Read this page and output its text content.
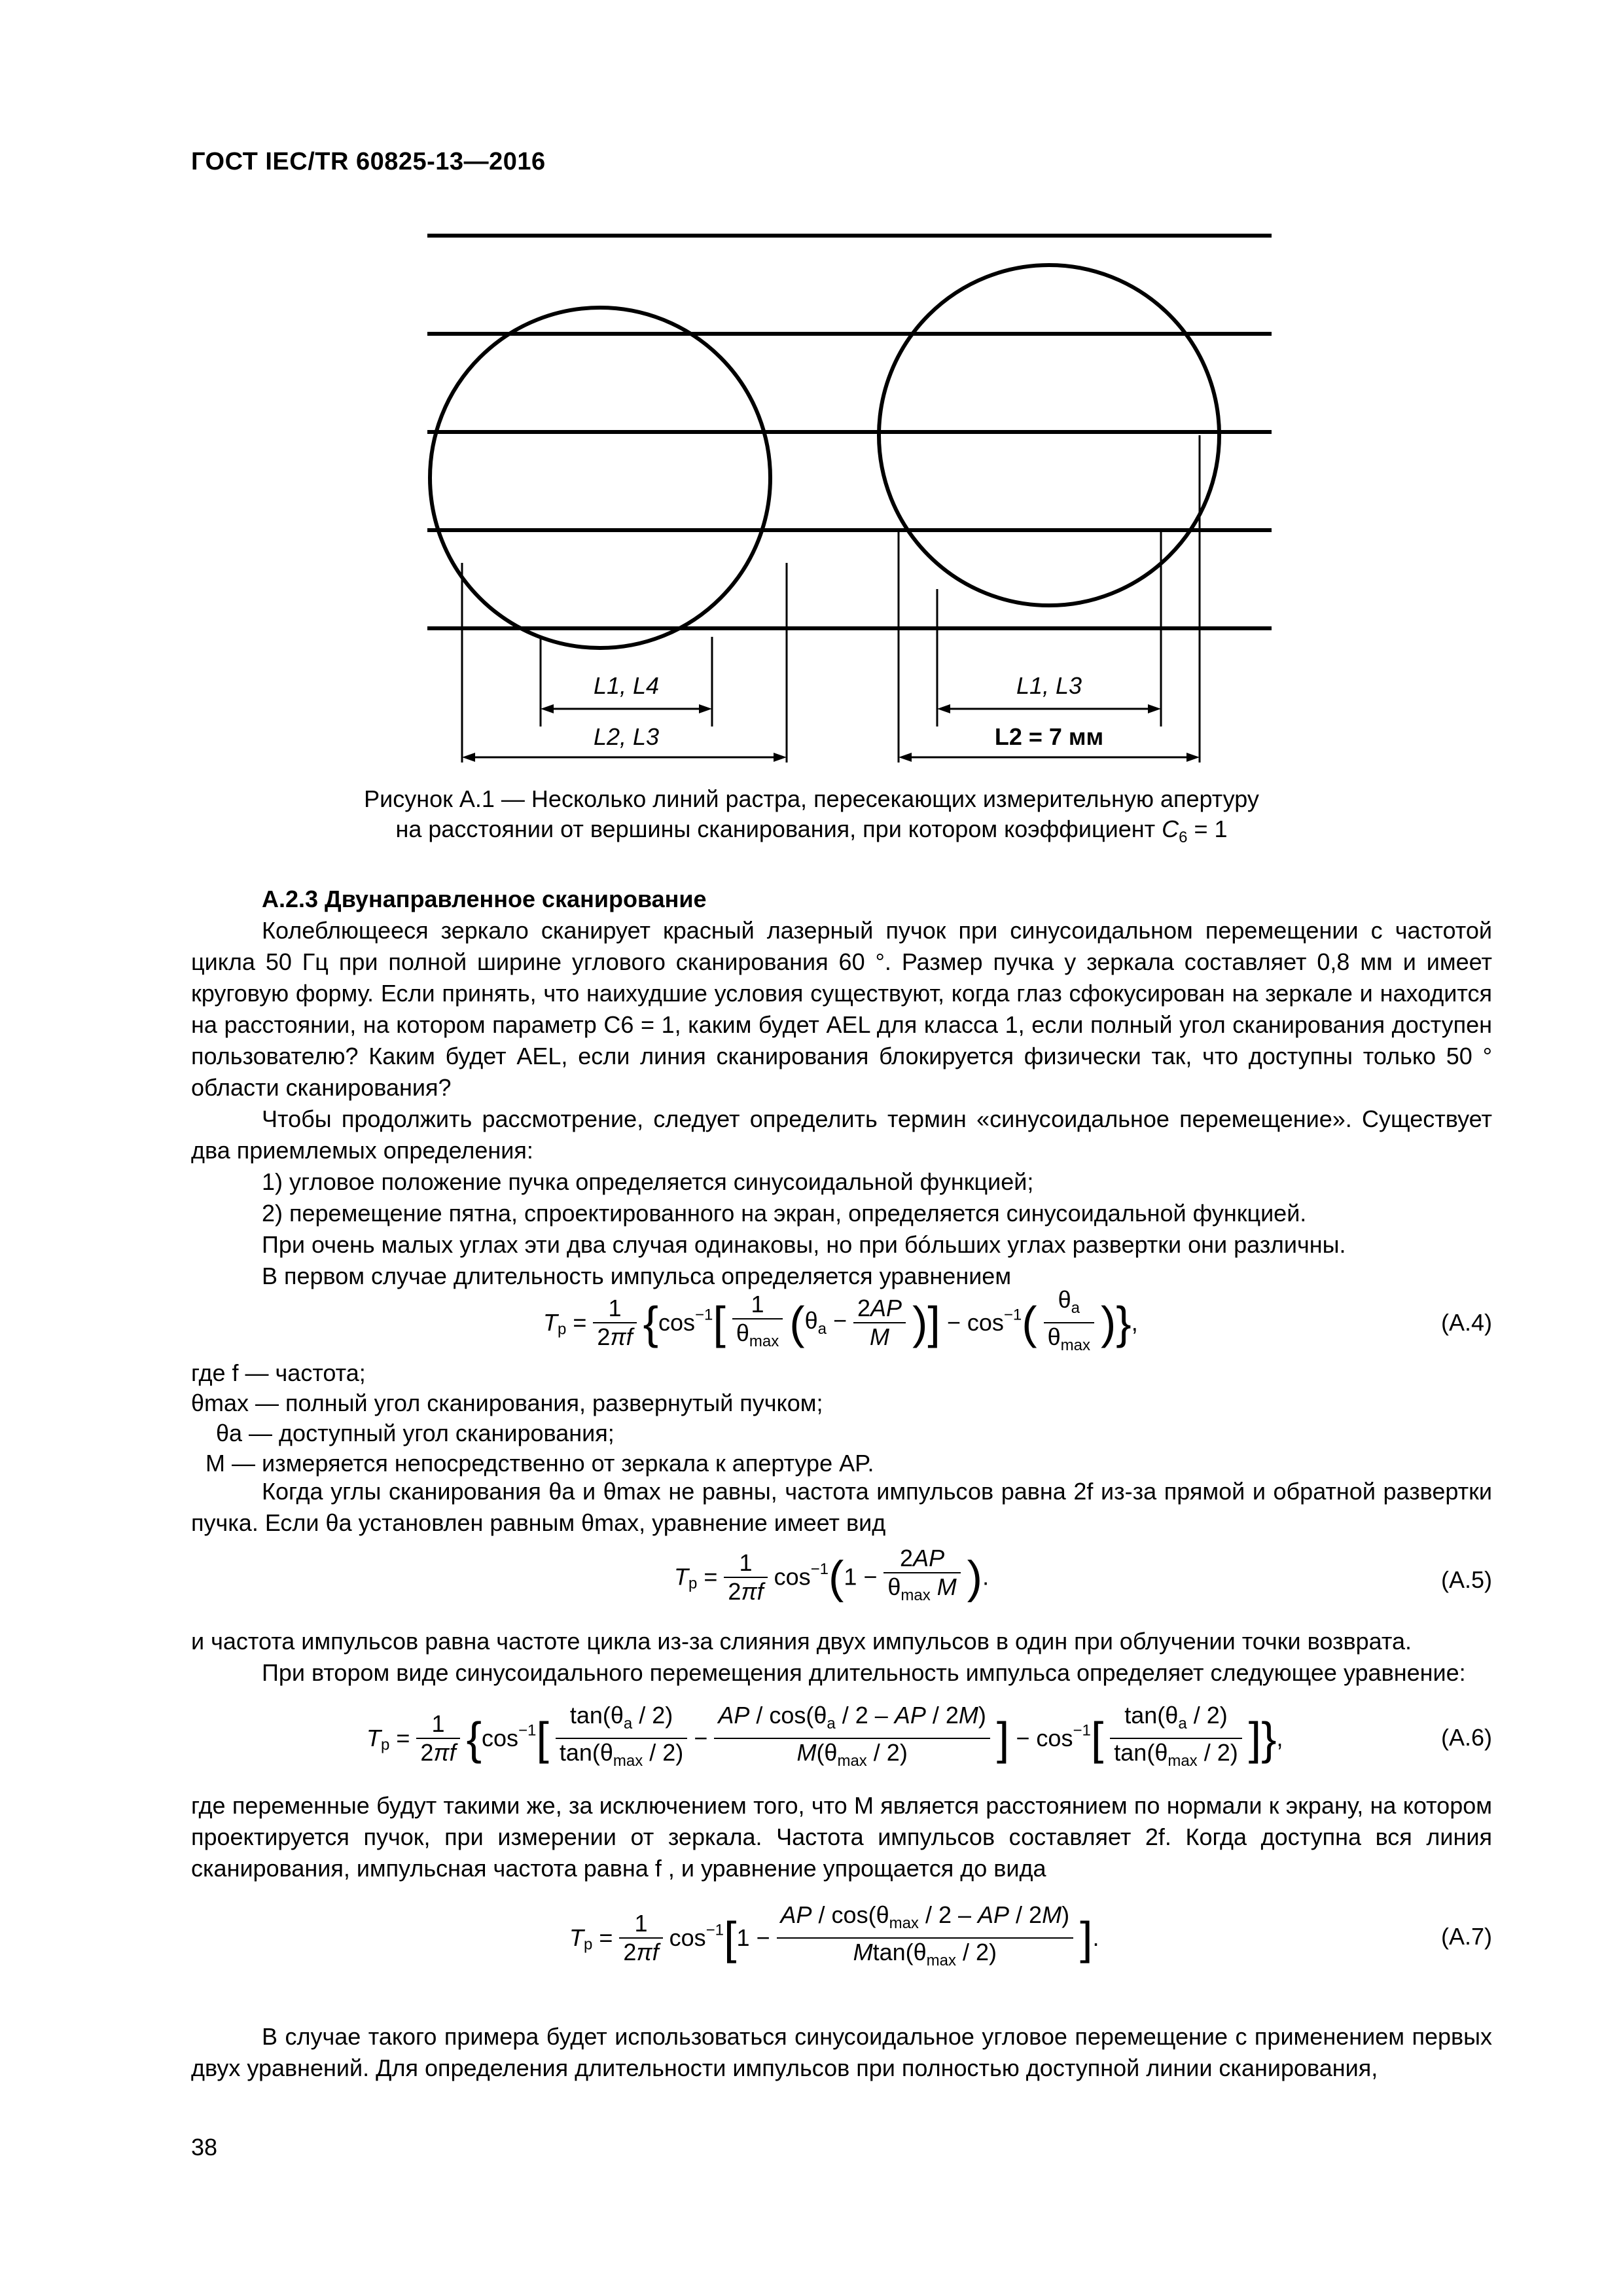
ГОСТ IEC/TR 60825-13—2016
L1, L4
L2, L3
L1, L3
L2 = 7 мм
Рисунок А.1 — Несколько линий растра, пересекающих измерительную апертуру
на расстоянии от вершины сканирования, при котором коэффициент $C_6 = 1$

А.2.3 Двунаправленное сканирование

Колеблющееся зеркало сканирует красный лазерный пучок при синусоидальном перемещении с частотой цикла 50 Гц при полной ширине углового сканирования 60 °. Размер пучка у зеркала составляет 0,8 мм и имеет круговую форму. Если принять, что наихудшие условия существуют, когда глаз сфокусирован на зеркале и находится на расстоянии, на котором параметр C6 = 1, каким будет AEL для класса 1, если полный угол сканирования доступен пользователю? Каким будет AEL, если линия сканирования блокируется физически так, что доступны только 50 ° области сканирования?

Чтобы продолжить рассмотрение, следует определить термин «синусоидальное перемещение». Существует два приемлемых определения:

1) угловое положение пучка определяется синусоидальной функцией;

2) перемещение пятна, спроектированного на экран, определяется синусоидальной функцией.

При очень малых углах эти два случая одинаковы, но при бóльших углах развертки они различны.

В первом случае длительность импульса определяется уравнением

$T_p = \frac{1}{2\pi f} \{\cos^{-1}[ \frac{1}{\theta_{max}} (\theta_a - \frac{2AP}{M}$ )] − $\cos^{-1}( \frac{\theta_a}{\theta_{max}}$ )},	(А.4)
где f — частота;
θmax — полный угол сканирования, развернутый пучком;
θa — доступный угол сканирования;
M — измеряется непосредственно от зеркала к апертуре AP.

Когда углы сканирования θa и θmax не равны, частота импульсов равна 2f из-за прямой и обратной развертки пучка. Если θa установлен равным θmax, уравнение имеет вид

$T_p = \frac{1}{2\pi f} \cos^{-1}(1 - \frac{2AP}{\theta_{max} M}$ ).	(А.5)

и частота импульсов равна частоте цикла из-за слияния двух импульсов в один при облучении точки возврата.

При втором виде синусоидального перемещения длительность импульса определяет следующее уравнение:

$T_p = \frac{1}{2\pi f} \{\cos^{-1}[ \frac{\tan(\theta_a / 2)}{\tan(\theta_{max} / 2)} - \frac{AP / \cos(\theta_a / 2 - AP / 2M)}{M(\theta_{max} / 2)}$ ] − $\cos^{-1}[ \frac{\tan(\theta_a / 2)}{\tan(\theta_{max} / 2)}$ ]},	(А.6)

где переменные будут такими же, за исключением того, что M является расстоянием по нормали к экрану, на котором проектируется пучок, при измерении от зеркала. Частота импульсов составляет 2f. Когда доступна вся линия сканирования, импульсная частота равна f , и уравнение упрощается до вида

$T_p = \frac{1}{2\pi f} \cos^{-1}[1 - \frac{AP / \cos(\theta_{max} / 2 - AP / 2M)}{Mtan(\theta_{max} / 2)}$ ].	(А.7)

В случае такого примера будет использоваться синусоидальное угловое перемещение с применением первых двух уравнений. Для определения длительности импульсов при полностью доступной линии сканирования,

38
